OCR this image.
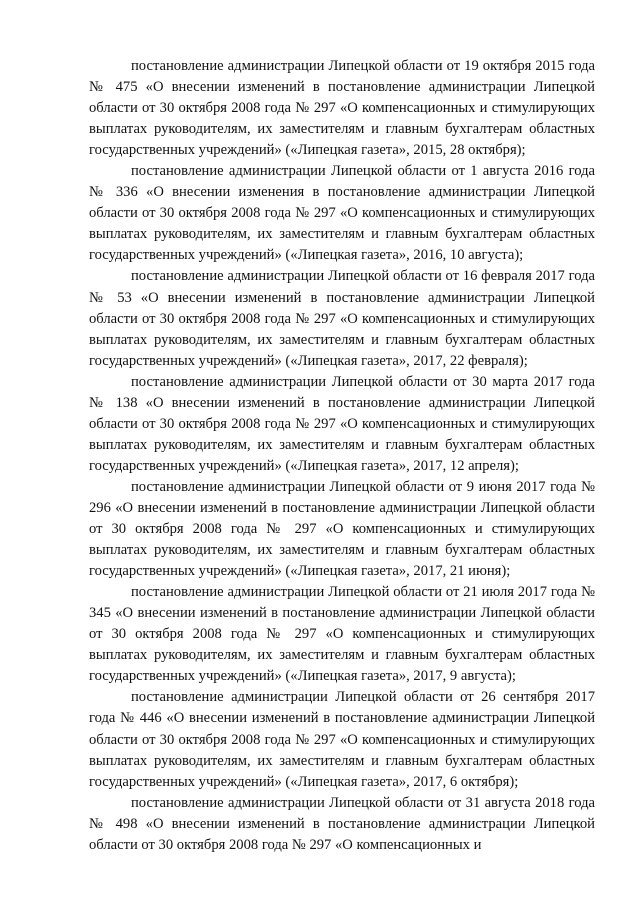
постановление администрации Липецкой области от 19 октября 2015 года № 475 «О внесении изменений в постановление администрации Липецкой области от 30 октября 2008 года № 297 «О компенсационных и стимулирующих выплатах руководителям, их заместителям и главным бухгалтерам областных государственных учреждений» («Липецкая газета», 2015, 28 октября);

постановление администрации Липецкой области от 1 августа 2016 года № 336 «О внесении изменения в постановление администрации Липецкой области от 30 октября 2008 года № 297 «О компенсационных и стимулирующих выплатах руководителям, их заместителям и главным бухгалтерам областных государственных учреждений» («Липецкая газета», 2016, 10 августа);

постановление администрации Липецкой области от 16 февраля 2017 года № 53 «О внесении изменений в постановление администрации Липецкой области от 30 октября 2008 года № 297 «О компенсационных и стимулирующих выплатах руководителям, их заместителям и главным бухгалтерам областных государственных учреждений» («Липецкая газета», 2017, 22 февраля);

постановление администрации Липецкой области от 30 марта 2017 года № 138 «О внесении изменений в постановление администрации Липецкой области от 30 октября 2008 года № 297 «О компенсационных и стимулирующих выплатах руководителям, их заместителям и главным бухгалтерам областных государственных учреждений» («Липецкая газета», 2017, 12 апреля);

постановление администрации Липецкой области от 9 июня 2017 года № 296 «О внесении изменений в постановление администрации Липецкой области от 30 октября 2008 года № 297 «О компенсационных и стимулирующих выплатах руководителям, их заместителям и главным бухгалтерам областных государственных учреждений» («Липецкая газета», 2017, 21 июня);

постановление администрации Липецкой области от 21 июля 2017 года № 345 «О внесении изменений в постановление администрации Липецкой области от 30 октября 2008 года № 297 «О компенсационных и стимулирующих выплатах руководителям, их заместителям и главным бухгалтерам областных государственных учреждений» («Липецкая газета», 2017, 9 августа);

постановление администрации Липецкой области от 26 сентября 2017 года № 446 «О внесении изменений в постановление администрации Липецкой области от 30 октября 2008 года № 297 «О компенсационных и стимулирующих выплатах руководителям, их заместителям и главным бухгалтерам областных государственных учреждений» («Липецкая газета», 2017, 6 октября);

постановление администрации Липецкой области от 31 августа 2018 года № 498 «О внесении изменений в постановление администрации Липецкой области от 30 октября 2008 года № 297 «О компенсационных и
